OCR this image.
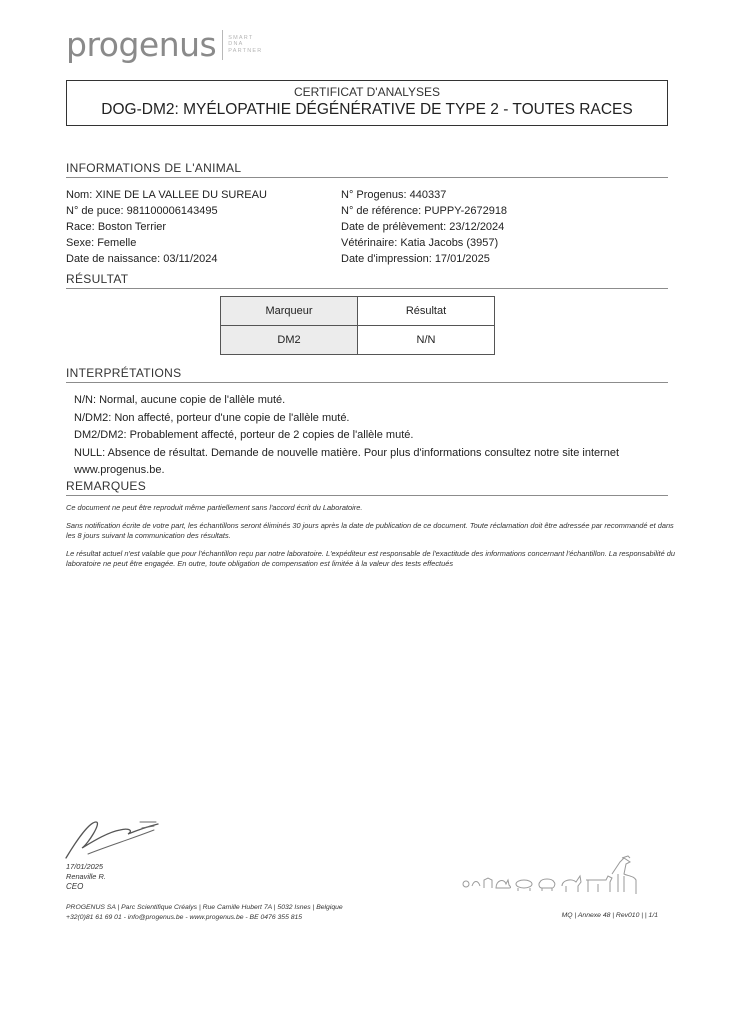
progenus SMART
DNA
PARTNER
CERTIFICAT D'ANALYSES
DOG-DM2: MYÉLOPATHIE DÉGÉNÉRATIVE DE TYPE 2 - TOUTES RACES
INFORMATIONS DE L'ANIMAL
Nom: XINE DE LA VALLEE DU SUREAU
N° de puce: 981100006143495
Race: Boston Terrier
Sexe: Femelle
Date de naissance: 03/11/2024
N° Progenus: 440337
N° de référence: PUPPY-2672918
Date de prélèvement: 23/12/2024
Vétérinaire: Katia Jacobs (3957)
Date d'impression: 17/01/2025
RÉSULTAT
Marqueur	Résultat
DM2	N/N
INTERPRÉTATIONS
N/N: Normal, aucune copie de l'allèle muté.
N/DM2: Non affecté, porteur d'une copie de l'allèle muté.
DM2/DM2: Probablement affecté, porteur de 2 copies de l'allèle muté.
NULL: Absence de résultat. Demande de nouvelle matière. Pour plus d'informations consultez notre site internet www.progenus.be.
REMARQUES

Ce document ne peut être reproduit même partiellement sans l'accord écrit du Laboratoire.

Sans notification écrite de votre part, les échantillons seront éliminés 30 jours après la date de publication de ce document. Toute réclamation doit être adressée par recommandé et dans les 8 jours suivant la communication des résultats.

Le résultat actuel n'est valable que pour l'échantillon reçu par notre laboratoire. L'expéditeur est responsable de l'exactitude des informations concernant l'échantillon. La responsabilité du laboratoire ne peut être engagée. En outre, toute obligation de compensation est limitée à la valeur des tests effectués

17/01/2025
Renaville R.
CEO
PROGENUS SA | Parc Scientifique Créalys | Rue Camille Hubert 7A | 5032 Isnes | Belgique
+32(0)81 61 69 01 - info@progenus.be - www.progenus.be - BE 0476 355 815	MQ | Annexe 48 | Rev010 | | 1/1
